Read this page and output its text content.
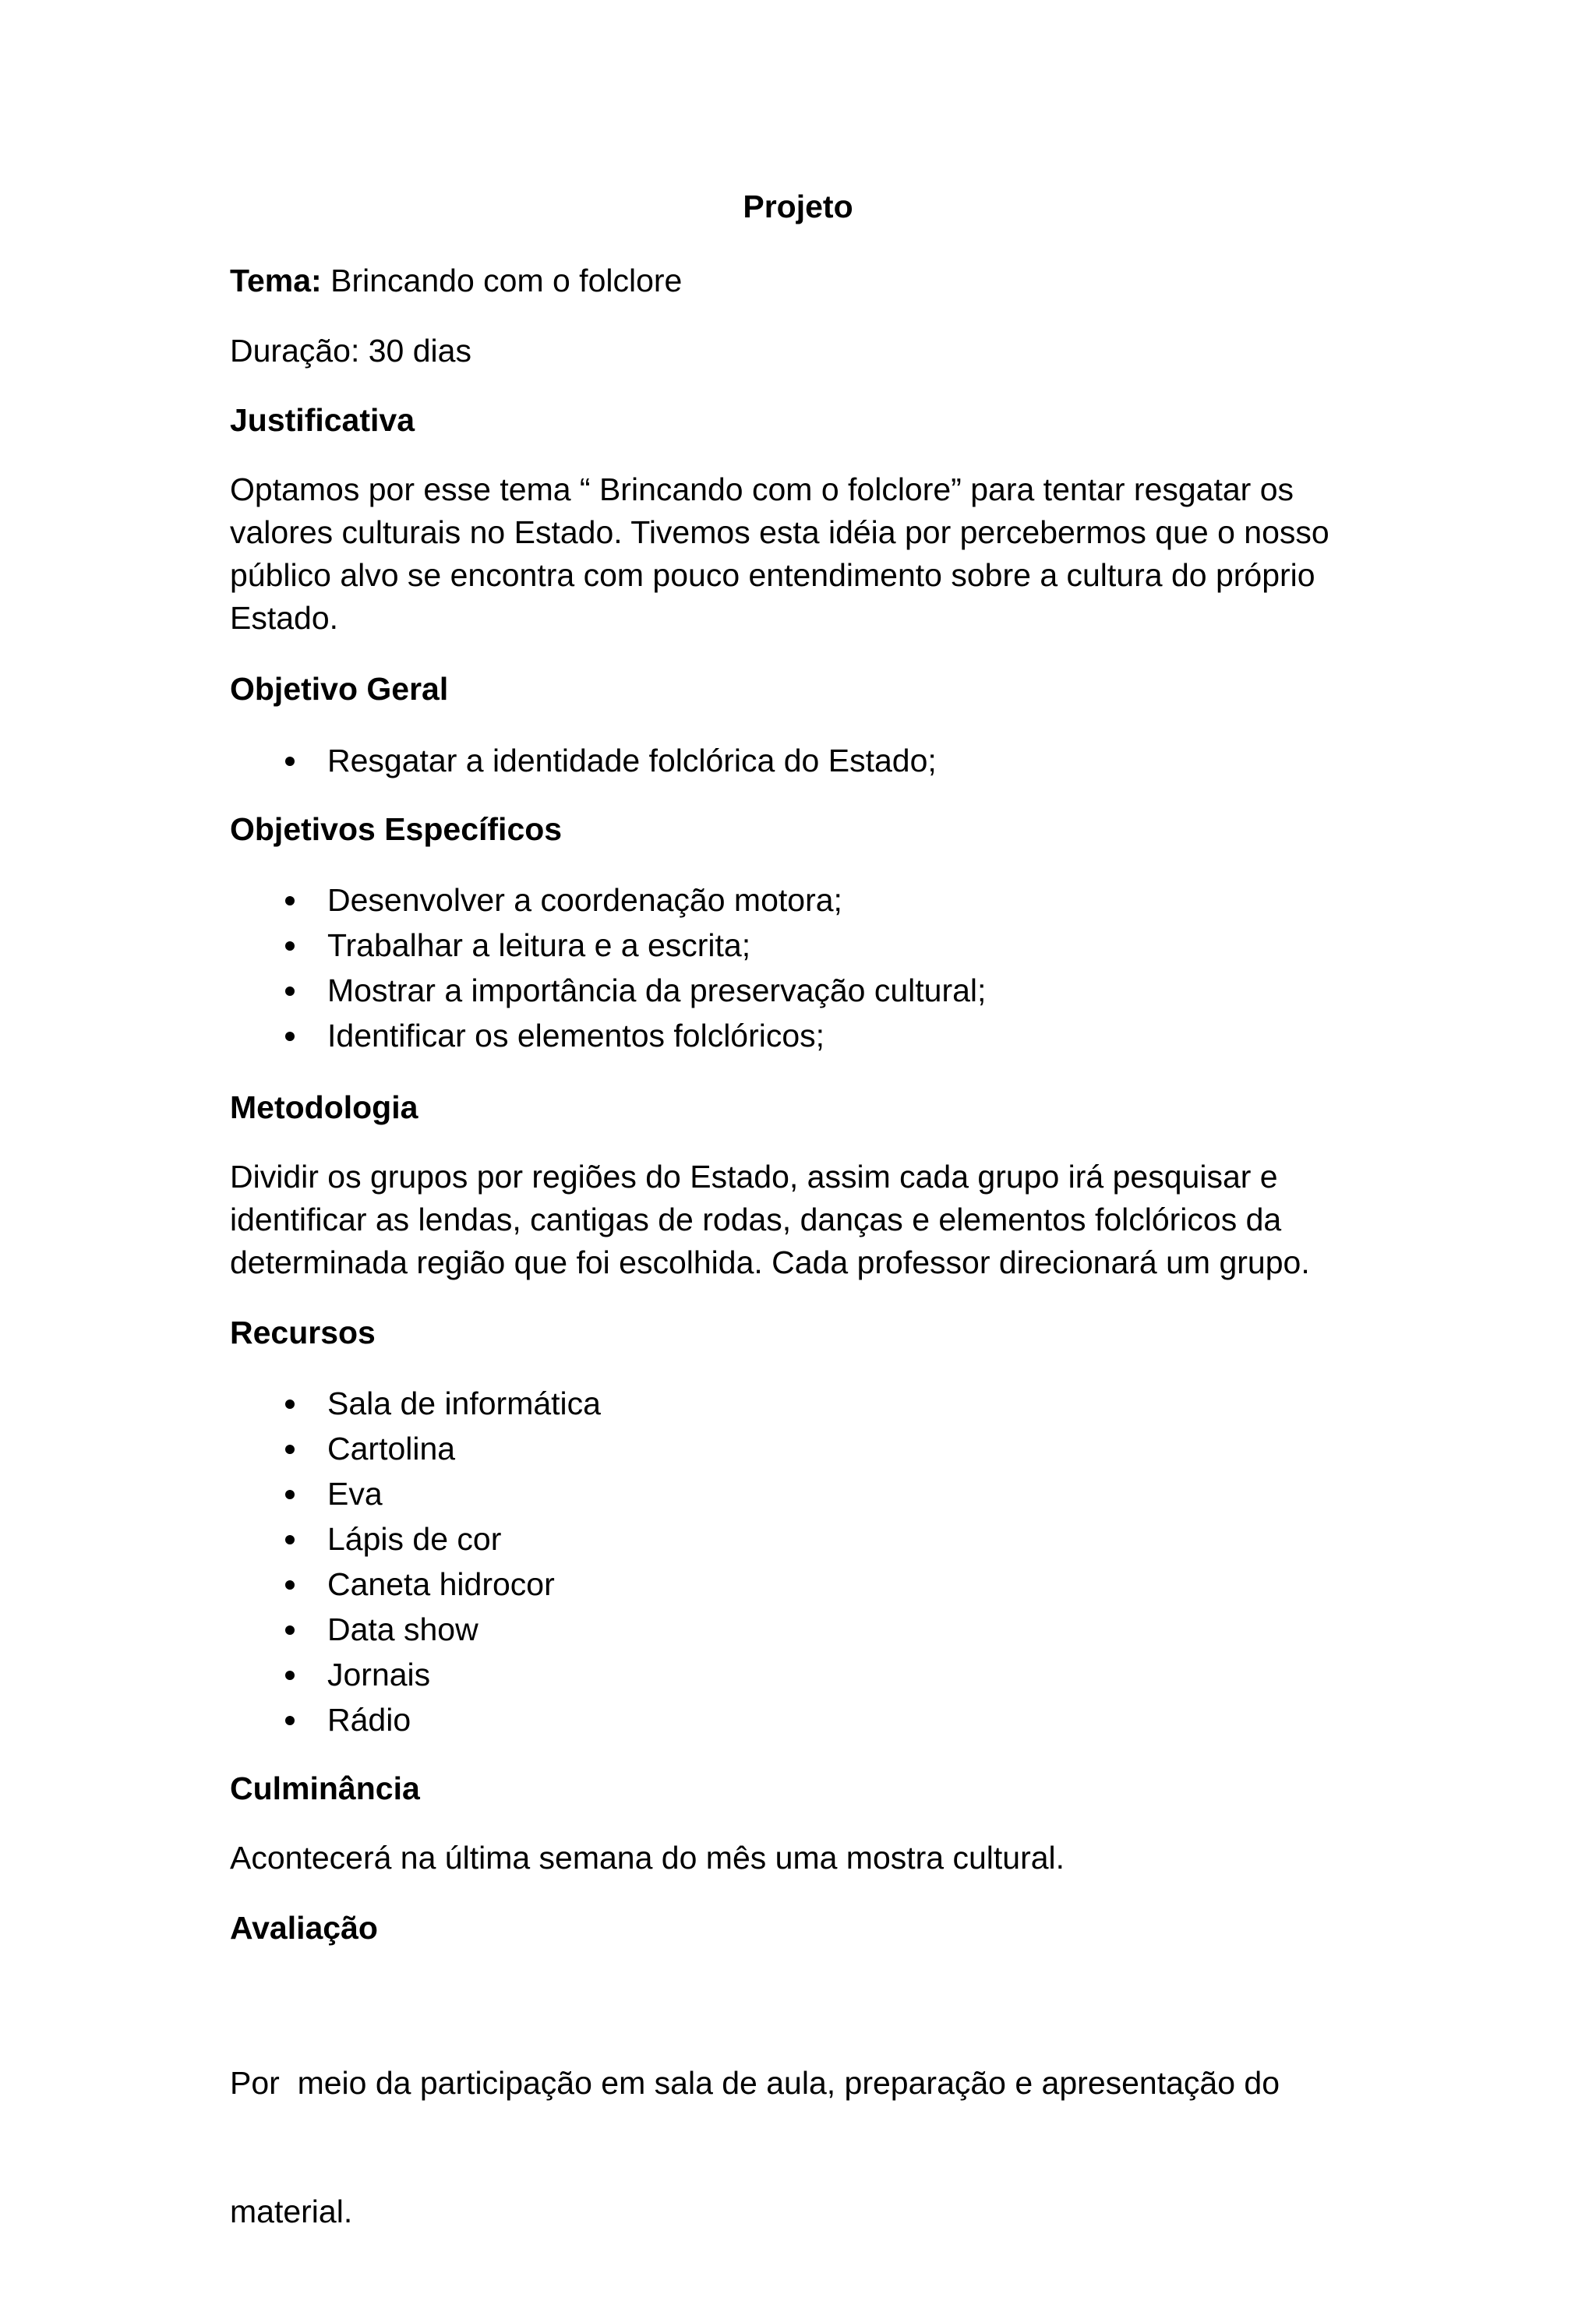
Projeto

Tema: Brincando com o folclore

Duração: 30 dias

Justificativa

Optamos por esse tema “ Brincando com o folclore” para tentar resgatar os
valores culturais no Estado. Tivemos esta idéia por percebermos que o nosso
público alvo se encontra com pouco entendimento sobre a cultura do próprio
Estado.

Objetivo Geral

Resgatar a identidade folclórica do Estado;

Objetivos Específicos

Desenvolver a coordenação motora;
Trabalhar a leitura e a escrita;
Mostrar a importância da preservação cultural;
Identificar os elementos folclóricos;

Metodologia

Dividir os grupos por regiões do Estado, assim cada grupo irá pesquisar e
identificar as lendas, cantigas de rodas, danças e elementos folclóricos da
determinada região que foi escolhida. Cada professor direcionará um grupo.

Recursos

Sala de informática
Cartolina
Eva
Lápis de cor
Caneta hidrocor
Data show
Jornais
Rádio

Culminância

Acontecerá na última semana do mês uma mostra cultural.

Avaliação

Por  meio da participação em sala de aula, preparação e apresentação do

material.
